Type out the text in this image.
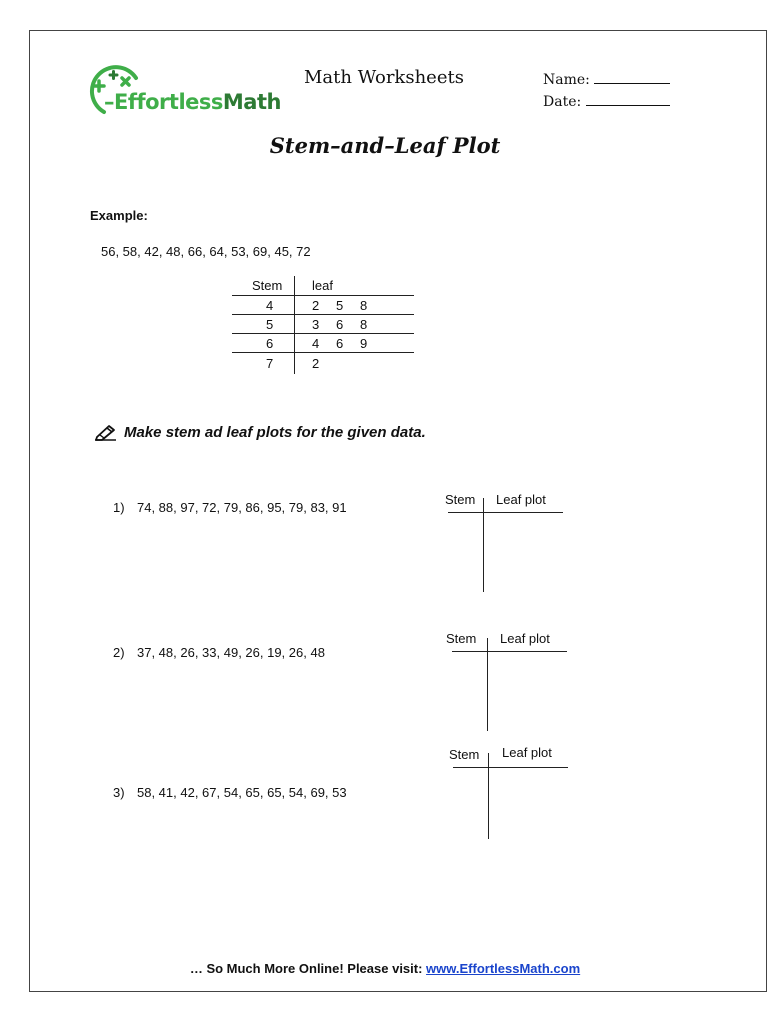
–EffortlessMath
Math Worksheets	Name:
Date:
Stem–and–Leaf Plot
Example:
56, 58, 42, 48, 66, 64, 53, 69, 45, 72
Stem leaf
4	2 5 8
5	3 6 8
6	4 6 9
7	2
Make stem ad leaf plots for the given data.
1) 74, 88, 97, 72, 79, 86, 95, 79, 83, 91
Stem Leaf plot
2) 37, 48, 26, 33, 49, 26, 19, 26, 48
Stem Leaf plot
3) 58, 41, 42, 67, 54, 65, 65, 54, 69, 53
Stem Leaf plot
… So Much More Online! Please visit: www.EffortlessMath.com
